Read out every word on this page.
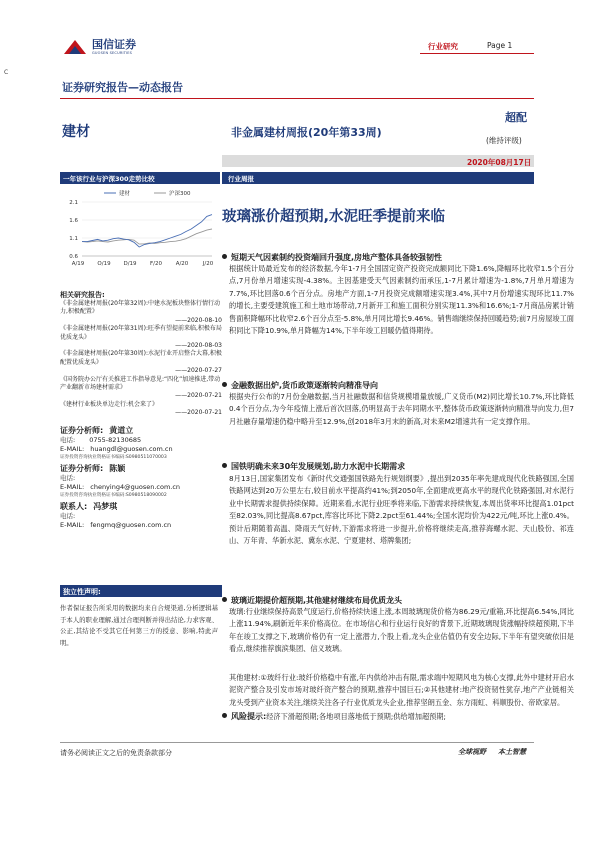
国信证券
GUOSEN SECURITIES
行业研究	Page 1
C
证券研究报告—动态报告
建材	非金属建材周报(20年第33周)
超配
(维持评级)
2020年08月17日
一年该行业与沪深300走势比较
2.1
1.6
1.1
0.6
A/19 O/19 D/19 F/20 A/20	J/20
建材	沪深300
相关研究报告:
《非金属建材周报(20年第32周):中建水泥板块整体行情行动力,积极配置》
——2020-08-10
《非金属建材周报(20年第31周):旺季有望提前来临,积极布局优质龙头》
——2020-08-03
《非金属建材周报(20年第30周):水泥行业开启整合大幕,积极配置优质龙头》
——2020-07-27
《国务院办公厅有关推进工作指导意见:“四化”加速推进,带动产业翻新市场建材需求》
——2020-07-21
《建材行业板块单边走行:机会来了》
——2020-07-21
证券分析师: 黄道立
电话: 0755-82130685
E-MAIL: huangdl@guosen.com.cn
证券投资咨询执业资格证书编码:S0980511070003
证券分析师: 陈颖
电话:
E-MAIL: chenying4@guosen.com.cn
证券投资咨询执业资格证书编码:S0980518090002
联系人: 冯梦琪
电话:
E-MAIL: fengmq@guosen.com.cn
独立性声明:
作者保证报告所采用的数据均来自合规渠道,分析逻辑基于本人的职业理解,通过合理判断并得出结论,力求客观、公正,其结论不受其它任何第三方的授意、影响,特此声明。
行业周报
玻璃涨价超预期,水泥旺季提前来临
短期天气因素制约投资端回升强度,房地产整体具备较强韧性
根据统计局最近发布的经济数据,今年1-7月全国固定资产投资完成额同比下降1.6%,降幅环比收窄1.5个百分点,7月份单月增速实现-4.38%。主因基建受天气因素制约而承压,1-7月累计增速为-1.8%,7月单月增速为7.7%,环比回落0.6个百分点。房地产方面,1-7月投资完成额增速实现3.4%,其中7月份增速实现环比11.7%的增长,主要受建筑施工和土地市场带动,7月新开工和施工面积分别实现11.3%和16.6%;1-7月商品房累计销售面积降幅环比收窄2.6个百分点至-5.8%,单月同比增长9.46%。销售端继续保持回暖趋势;前7月房屋竣工面积同比下降10.9%,单月降幅为14%,下半年竣工回暖仍值得期待。
金融数据出炉,货币政策逐渐转向精准导向
根据央行公布的7月份金融数据,当月社融数据和信贷规模增量放缓,广义货币(M2)同比增长10.7%,环比降低0.4个百分点,为今年疫情上涨后首次回落,仍明显高于去年同期水平,整体货币政策逐渐转向精准导向发力,但7月社融存量增速仍稳中略升至12.9%,创2018年3月末的新高,对未来M2增速共有一定支撑作用。
国铁明确未来30年发展规划,助力水泥中长期需求
8月13日,国家集团发布《新时代交通强国铁路先行规划纲要》,提出到2035年率先建成现代化铁路强国,全国铁路网达到20万公里左右,较目前水平提高约41%;到2050年,全面建成更高水平的现代化铁路强国,对水泥行业中长期需求提供持续保障。近期来看,水泥行业旺季将来临,下游需求持续恢复,本周出货率环比提高1.01pct至82.03%,同比提高8.67pct,库容比环比下降2.2pct至61.44%;全国水泥均价为422元/吨,环比上涨0.4%。预计后期随着高温、降雨天气好转,下游需求将进一步提升,价格将继续走高,推荐海螺水泥、天山股份、祁连山、万年青、华新水泥、冀东水泥、宁夏建材、塔牌集团;
玻璃近期提价超预期,其他建材继续布局优质龙头
玻璃:行业继续保持高景气度运行,价格持续快速上涨,本周玻璃现货价格为86.29元/重箱,环比提高6.54%,同比上涨11.94%,刷新近年来价格高位。在市场信心和行业运行良好的背景下,近期玻璃现货涨幅持续超预期,下半年在竣工支撑之下,玻璃价格仍有一定上涨潜力,个股上看,龙头企业估值仍有安全边际,下半年有望突破依旧是看点,继续推荐旗滨集团、信义玻璃。
其他建材:①玻纤行业:玻纤价格稳中有涨,年内供给冲击有限,需求端中短期风电为核心支撑,此外中建材开启水泥资产整合及引发市场对玻纤资产整合的预期,推荐中国巨石;②其他建材:地产投资韧性犹存,地产产业链相关龙头受到产业资本关注,继续关注各子行业优质龙头企业,推荐坚朗五金、东方雨虹、科顺股份、帝欧家居。
风险提示:经济下滑超预期;各地项目落地低于预期;供给增加超预期;
请务必阅读正文之后的免责条款部分	全球视野 本土智慧
